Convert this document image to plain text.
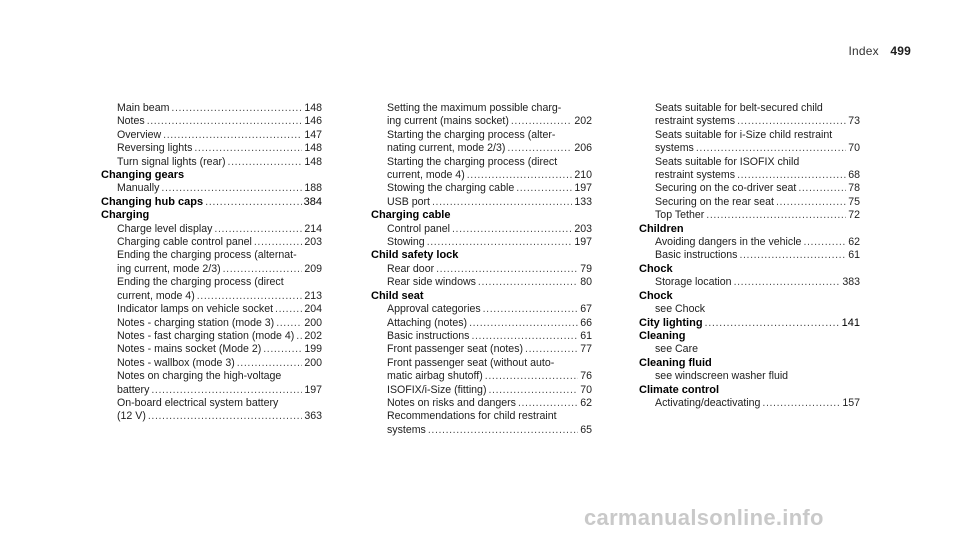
Index 499
Main beam .....	148
Notes .....	146
Overview .....	147
Reversing lights .....	148
Turn signal lights (rear) .....	148
Changing gears
Manually .....	188
Changing hub caps .....	384
Charging
Charge level display .....	214
Charging cable control panel .....	203
Ending the charging process (alternat-
ing current, mode 2/3) .....	209
Ending the charging process (direct
current, mode 4) .....	213
Indicator lamps on vehicle socket .....	204
Notes - charging station (mode 3) .....	200
Notes - fast charging station (mode 4) ..... 202
Notes - mains socket (Mode 2) .....	199
Notes - wallbox (mode 3) .....	200
Notes on charging the high-voltage
battery .....	197
On-board electrical system battery
(12 V) .....	363
Setting the maximum possible charg-
ing current (mains socket) .....	202
Starting the charging process (alter-
nating current, mode 2/3) .....	206
Starting the charging process (direct
current, mode 4) .....	210
Stowing the charging cable .....	197
USB port .....	133
Charging cable
Control panel .....	203
Stowing .....	197
Child safety lock
Rear door .....	79
Rear side windows .....	80
Child seat
Approval categories .....	67
Attaching (notes) .....	66
Basic instructions .....	61
Front passenger seat (notes) .....	77
Front passenger seat (without auto-
matic airbag shutoff) .....	76
ISOFIX/i-Size (fitting) .....	70
Notes on risks and dangers .....	62
Recommendations for child restraint
systems .....	65
Seats suitable for belt-secured child
restraint systems .....	73
Seats suitable for i-Size child restraint
systems .....	70
Seats suitable for ISOFIX child
restraint systems .....	68
Securing on the co-driver seat .....	78
Securing on the rear seat .....	75
Top Tether .....	72
Children
Avoiding dangers in the vehicle .....	62
Basic instructions .....	61
Chock
Storage location .....	383
Chock
see Chock
City lighting .....	141
Cleaning
see Care
Cleaning fluid
see windscreen washer fluid
Climate control
Activating/deactivating .....	157
carmanualsonline.info
